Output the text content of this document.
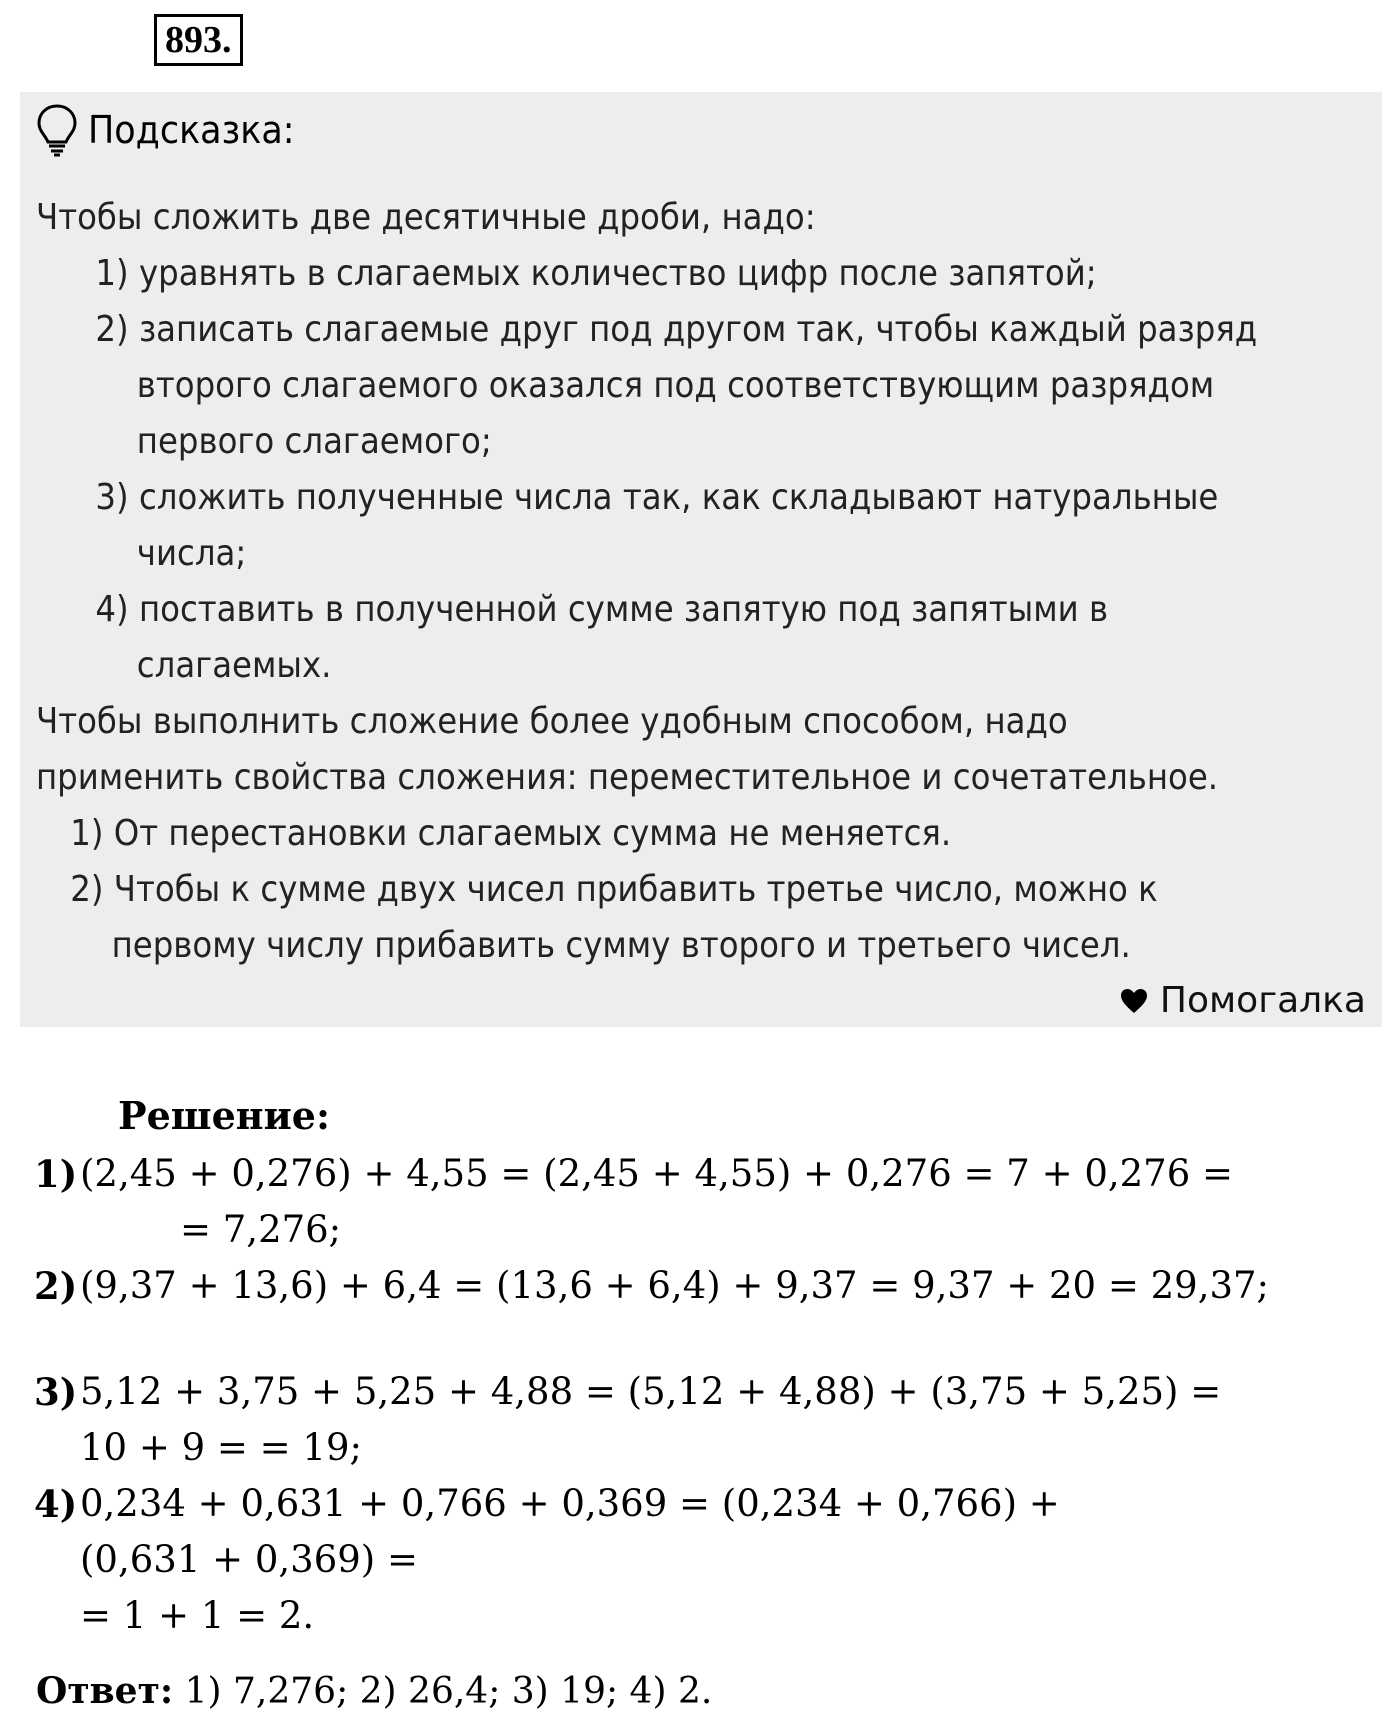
893.
Подсказка:
Чтобы сложить две десятичные дроби, надо:
1) уравнять в слагаемых количество цифр после запятой;
2) записать слагаемые друг под другом так, чтобы каждый разряд
второго слагаемого оказался под соответствующим разрядом
первого слагаемого;
3) сложить полученные числа так, как складывают натуральные
числа;
4) поставить в полученной сумме запятую под запятыми в
слагаемых.
Чтобы выполнить сложение более удобным способом, надо
применить свойства сложения: переместительное и сочетательное.
1) От перестановки слагаемых сумма не меняется.
2) Чтобы к сумме двух чисел прибавить третье число, можно к
первому числу прибавить сумму второго и третьего чисел.
Помогалка
Решение:
1) (2,45 + 0,276) + 4,55 = (2,45 + 4,55) + 0,276 = 7 + 0,276 =
= 7,276;
2) (9,37 + 13,6) + 6,4 = (13,6 + 6,4) + 9,37 = 9,37 + 20 = 29,37;
3) 5,12 + 3,75 + 5,25 + 4,88 = (5,12 + 4,88) + (3,75 + 5,25) =
10 + 9 = = 19;
4) 0,234 + 0,631 + 0,766 + 0,369 = (0,234 + 0,766) +
(0,631 + 0,369) =
= 1 + 1 = 2.
Ответ: 1) 7,276; 2) 26,4; 3) 19; 4) 2.
